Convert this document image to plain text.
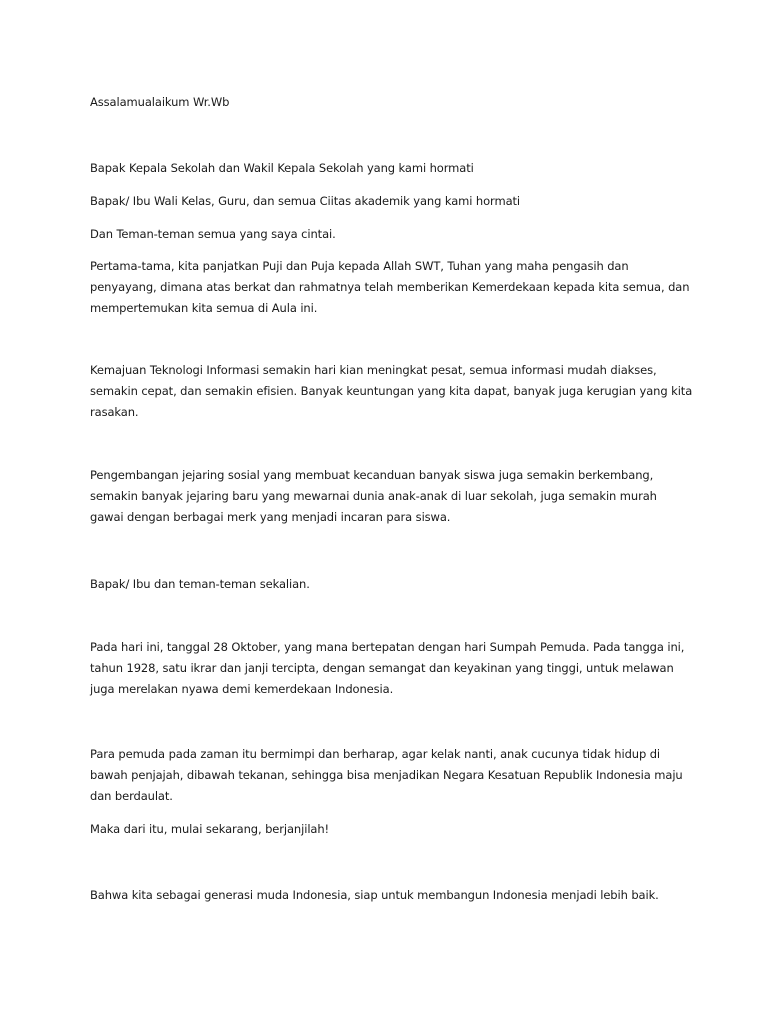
Assalamualaikum Wr.Wb

Bapak Kepala Sekolah dan Wakil Kepala Sekolah yang kami hormati

Bapak/ Ibu Wali Kelas, Guru, dan semua Ciitas akademik yang kami hormati

Dan Teman-teman semua yang saya cintai.

Pertama-tama, kita panjatkan Puji dan Puja kepada Allah SWT, Tuhan yang maha pengasih dan
penyayang, dimana atas berkat dan rahmatnya telah memberikan Kemerdekaan kepada kita semua, dan
mempertemukan kita semua di Aula ini.

Kemajuan Teknologi Informasi semakin hari kian meningkat pesat, semua informasi mudah diakses,
semakin cepat, dan semakin efisien. Banyak keuntungan yang kita dapat, banyak juga kerugian yang kita
rasakan.

Pengembangan jejaring sosial yang membuat kecanduan banyak siswa juga semakin berkembang,
semakin banyak jejaring baru yang mewarnai dunia anak-anak di luar sekolah, juga semakin murah
gawai dengan berbagai merk yang menjadi incaran para siswa.

Bapak/ Ibu dan teman-teman sekalian.

Pada hari ini, tanggal 28 Oktober, yang mana bertepatan dengan hari Sumpah Pemuda. Pada tangga ini,
tahun 1928, satu ikrar dan janji tercipta, dengan semangat dan keyakinan yang tinggi, untuk melawan
juga merelakan nyawa demi kemerdekaan Indonesia.

Para pemuda pada zaman itu bermimpi dan berharap, agar kelak nanti, anak cucunya tidak hidup di
bawah penjajah, dibawah tekanan, sehingga bisa menjadikan Negara Kesatuan Republik Indonesia maju
dan berdaulat.

Maka dari itu, mulai sekarang, berjanjilah!

Bahwa kita sebagai generasi muda Indonesia, siap untuk membangun Indonesia menjadi lebih baik.
